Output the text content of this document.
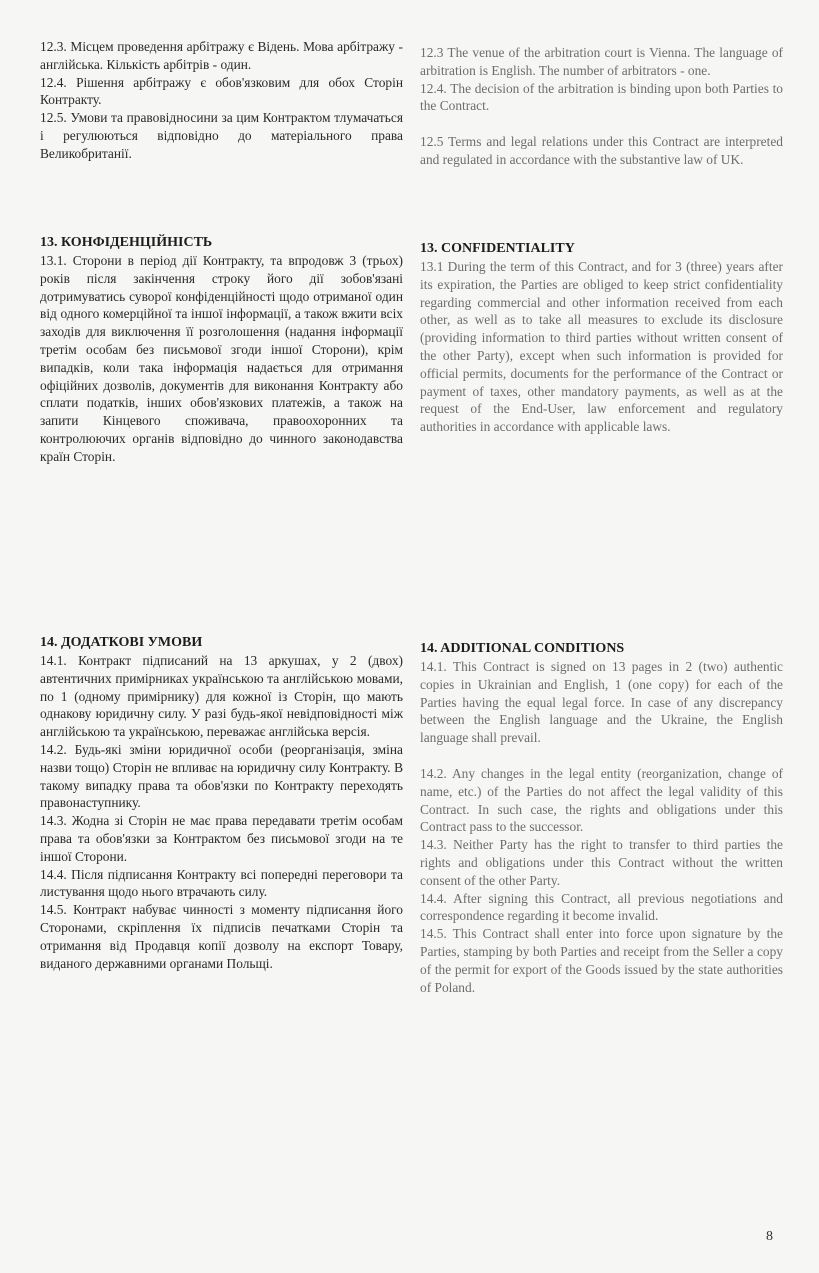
12.3. Місцем проведення арбітражу є Відень. Мова арбітражу - англійська. Кількість арбітрів - один.

12.4. Рішення арбітражу є обов'язковим для обох Сторін Контракту.

12.5. Умови та правовідносини за цим Контрактом тлумачаться і регулюються відповідно до матеріального права Великобританії.

12.3 The venue of the arbitration court is Vienna. The language of arbitration is English. The number of arbitrators - one.

12.4. The decision of the arbitration is binding upon both Parties to the Contract.

12.5 Terms and legal relations under this Contract are interpreted and regulated in accordance with the substantive law of UK.

13. КОНФІДЕНЦІЙНІСТЬ

13.1. Сторони в період дії Контракту, та впродовж 3 (трьох) років після закінчення строку його дії зобов'язані дотримуватись суворої конфіденційності щодо отриманої один від одного комерційної та іншої інформації, а також вжити всіх заходів для виключення її розголошення (надання інформації третім особам без письмової згоди іншої Сторони), крім випадків, коли така інформація надається для отримання офіційних дозволів, документів для виконання Контракту або сплати податків, інших обов'язкових платежів, а також на запити Кінцевого споживача, правоохоронних та контролюючих органів відповідно до чинного законодавства країн Сторін.

13. CONFIDENTIALITY

13.1 During the term of this Contract, and for 3 (three) years after its expiration, the Parties are obliged to keep strict confidentiality regarding commercial and other information received from each other, as well as to take all measures to exclude its disclosure (providing information to third parties without written consent of the other Party), except when such information is provided for official permits, documents for the performance of the Contract or payment of taxes, other mandatory payments, as well as at the request of the End-User, law enforcement and regulatory authorities in accordance with applicable laws.

14. ДОДАТКОВІ УМОВИ

14.1. Контракт підписаний на 13 аркушах, у 2 (двох) автентичних примірниках українською та англійською мовами, по 1 (одному примірнику) для кожної із Сторін, що мають однакову юридичну силу. У разі будь-якої невідповідності між англійською та українською, переважає англійська версія.

14.2. Будь-які зміни юридичної особи (реорганізація, зміна назви тощо) Сторін не впливає на юридичну силу Контракту. В такому випадку права та обов'язки по Контракту переходять правонаступнику.

14.3. Жодна зі Сторін не має права передавати третім особам права та обов'язки за Контрактом без письмової згоди на те іншої Сторони.

14.4. Після підписання Контракту всі попередні переговори та листування щодо нього втрачають силу.

14.5. Контракт набуває чинності з моменту підписання його Сторонами, скріплення їх підписів печатками Сторін та отримання від Продавця копії дозволу на експорт Товару, виданого державними органами Польщі.

14. ADDITIONAL CONDITIONS

14.1. This Contract is signed on 13 pages in 2 (two) authentic copies in Ukrainian and English, 1 (one copy) for each of the Parties having the equal legal force. In case of any discrepancy between the English language and the Ukraine, the English language shall prevail.

14.2. Any changes in the legal entity (reorganization, change of name, etc.) of the Parties do not affect the legal validity of this Contract. In such case, the rights and obligations under this Contract pass to the successor.

14.3. Neither Party has the right to transfer to third parties the rights and obligations under this Contract without the written consent of the other Party.

14.4. After signing this Contract, all previous negotiations and correspondence regarding it become invalid.

14.5. This Contract shall enter into force upon signature by the Parties, stamping by both Parties and receipt from the Seller a copy of the permit for export of the Goods issued by the state authorities of Poland.

8
